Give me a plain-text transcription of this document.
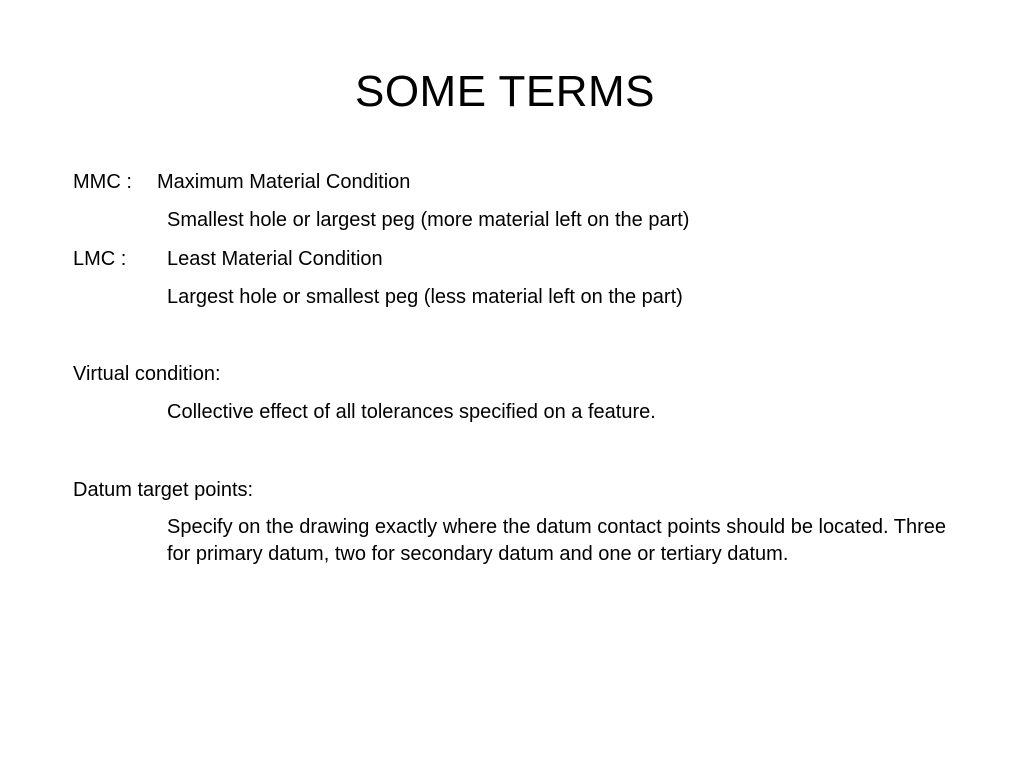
SOME TERMS
MMC : Maximum Material Condition
Smallest hole or largest peg (more material left on the part)
LMC : Least Material Condition
Largest hole or smallest peg (less material left on the part)
Virtual condition:
Collective effect of all tolerances specified on a feature.
Datum target points:
Specify on the drawing exactly where the datum contact points should be located. Three for primary datum, two for secondary datum and one or tertiary datum.
